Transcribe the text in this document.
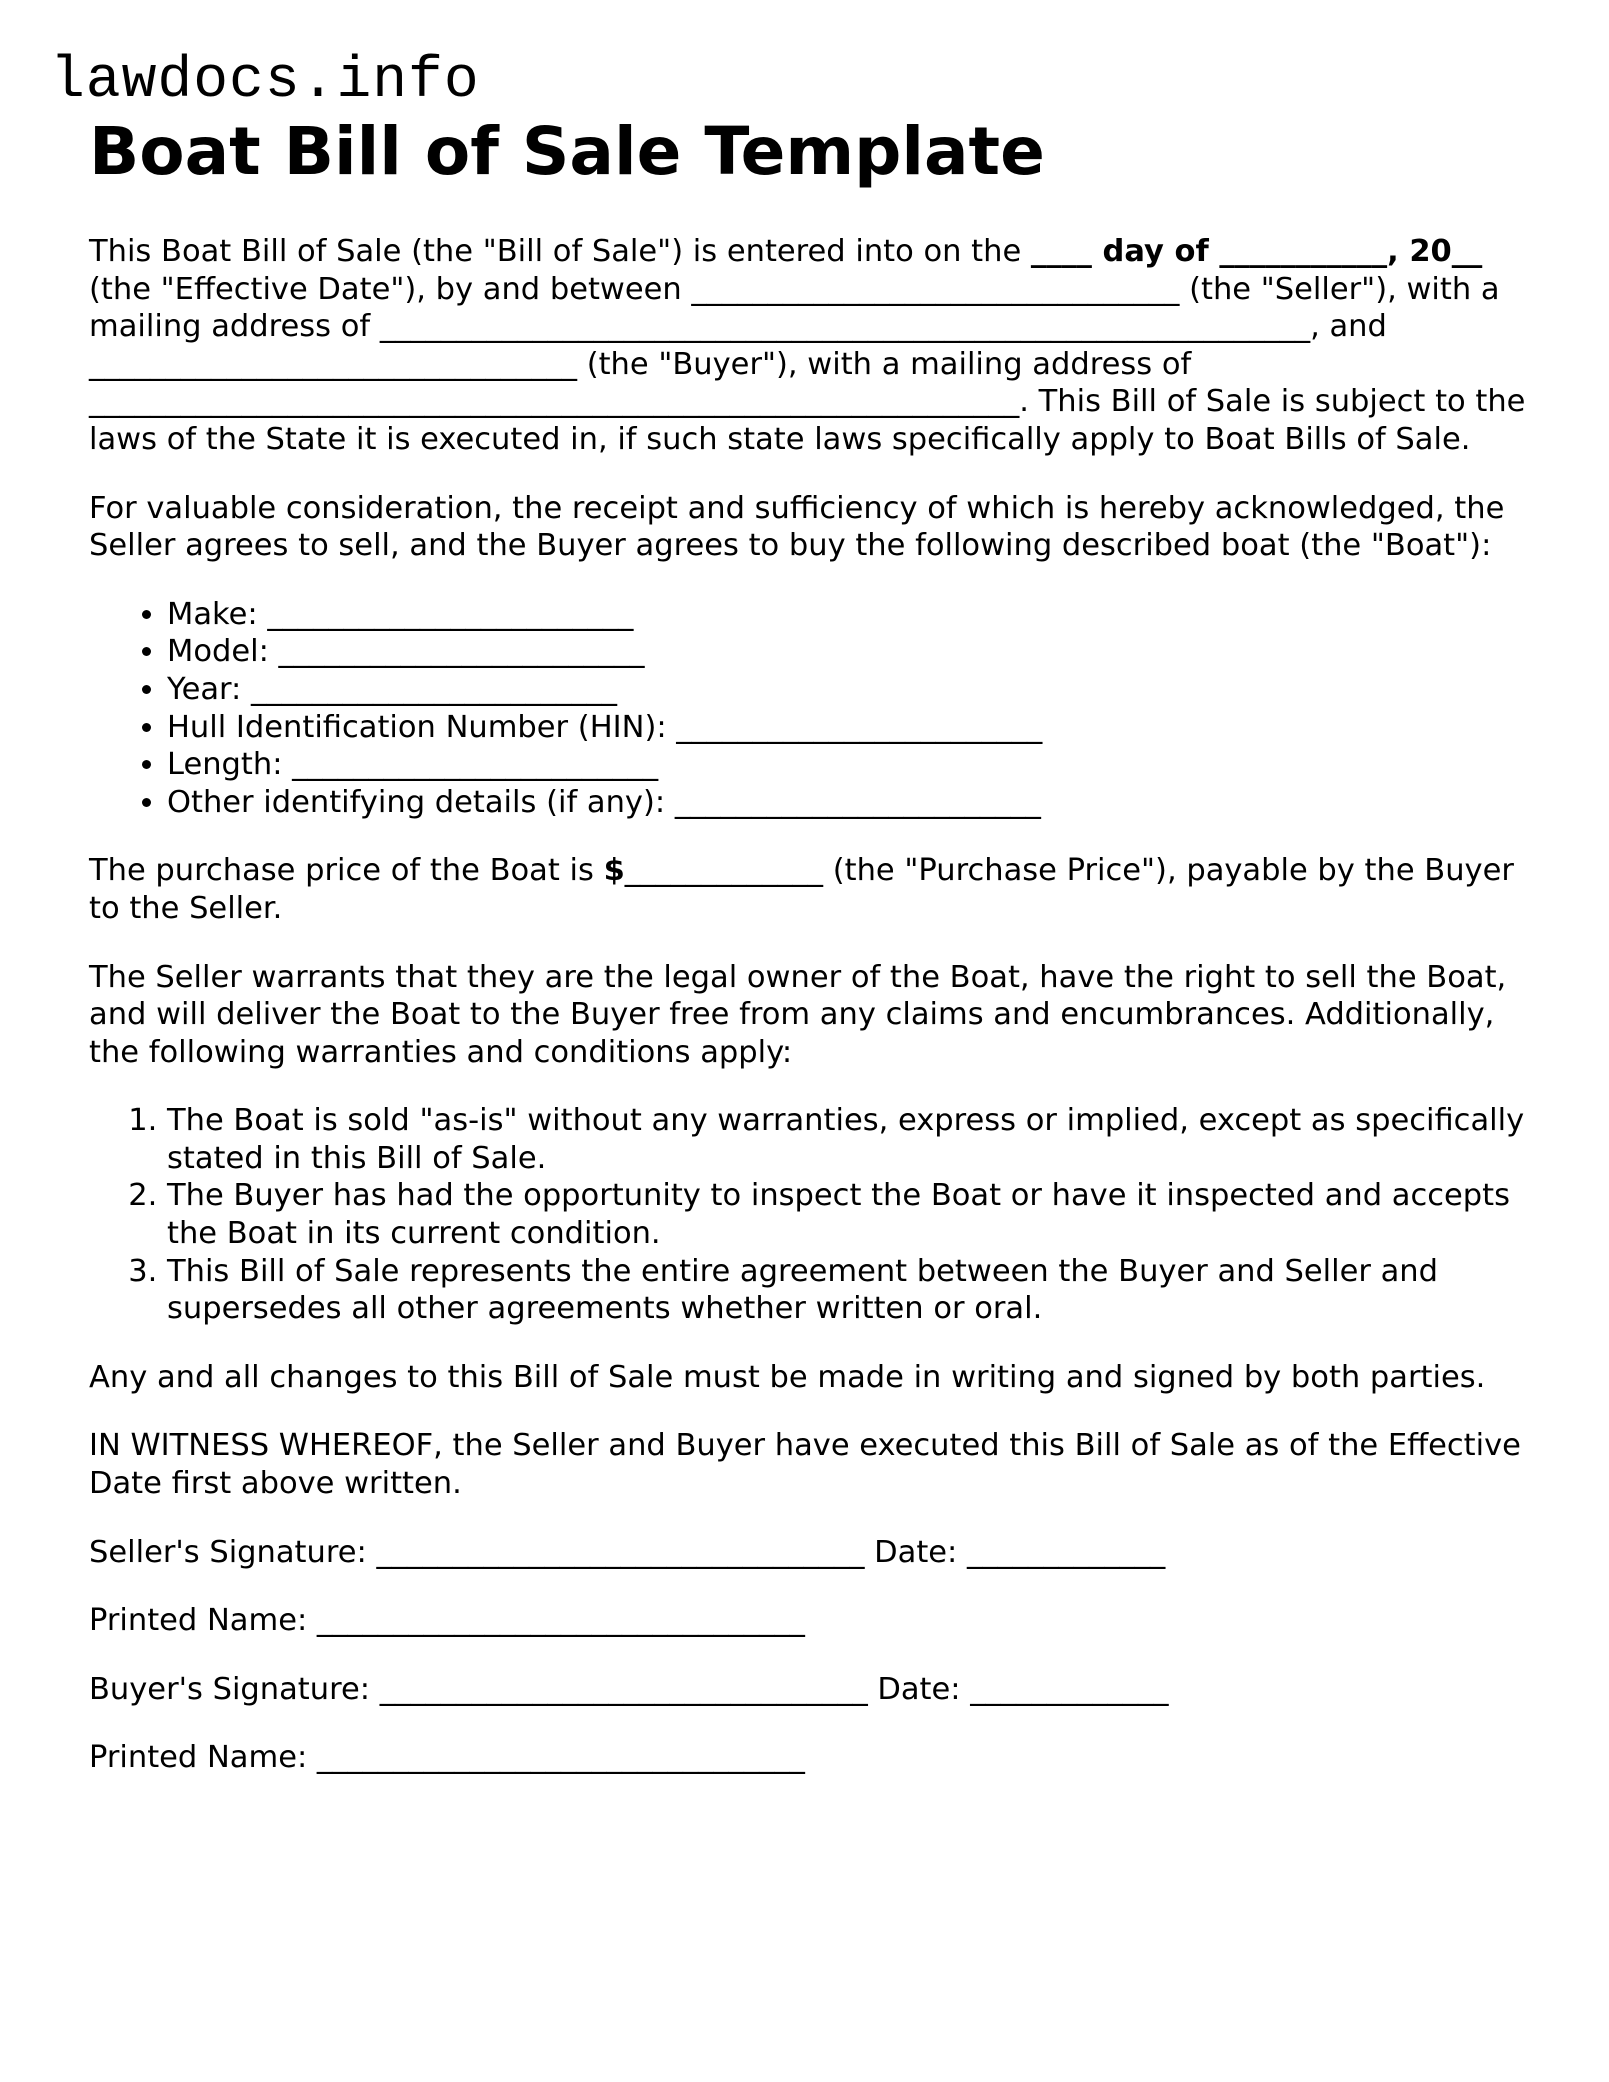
lawdocs.info
Boat Bill of Sale Template

This Boat Bill of Sale (the "Bill of Sale") is entered into on the ____ day of ___________, 20__ (the "Effective Date"), by and between ________________________________ (the "Seller"), with a mailing address of _____________________________________________________________, and ________________________________ (the "Buyer"), with a mailing address of _____________________________________________________________. This Bill of Sale is subject to the laws of the State it is executed in, if such state laws specifically apply to Boat Bills of Sale.

For valuable consideration, the receipt and sufficiency of which is hereby acknowledged, the Seller agrees to sell, and the Buyer agrees to buy the following described boat (the "Boat"):

• Make: ________________________
• Model: ________________________
• Year: ________________________
• Hull Identification Number (HIN): ________________________
• Length: ________________________
• Other identifying details (if any): ________________________

The purchase price of the Boat is $_____________ (the "Purchase Price"), payable by the Buyer to the Seller.

The Seller warrants that they are the legal owner of the Boat, have the right to sell the Boat, and will deliver the Boat to the Buyer free from any claims and encumbrances. Additionally, the following warranties and conditions apply:

1. The Boat is sold "as-is" without any warranties, express or implied, except as specifically stated in this Bill of Sale.
2. The Buyer has had the opportunity to inspect the Boat or have it inspected and accepts the Boat in its current condition.
3. This Bill of Sale represents the entire agreement between the Buyer and Seller and supersedes all other agreements whether written or oral.

Any and all changes to this Bill of Sale must be made in writing and signed by both parties.

IN WITNESS WHEREOF, the Seller and Buyer have executed this Bill of Sale as of the Effective Date first above written.

Seller's Signature: ________________________________ Date: _____________

Printed Name: ________________________________

Buyer's Signature: ________________________________ Date: _____________

Printed Name: ________________________________
